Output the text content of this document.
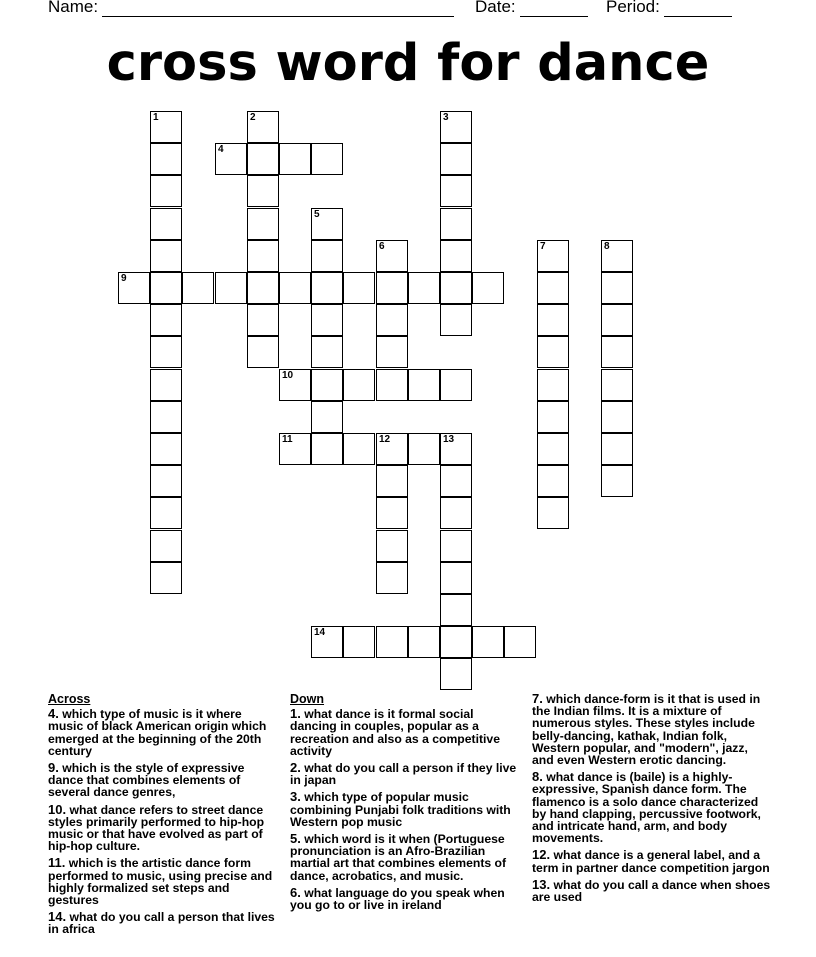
Name:	Date:	Period:
cross word for dance
1	2	3
4
5
6	7	8
9
10
11	12	13
14
Across
4. which type of music is it where music of black American origin which emerged at the beginning of the 20th century
9. which is the style of expressive dance that combines elements of several dance genres,
10. what dance refers to street dance styles primarily performed to hip-hop music or that have evolved as part of hip-hop culture.
11. which is the artistic dance form performed to music, using precise and highly formalized set steps and gestures
14. what do you call a person that lives in africa
Down
1. what dance is it formal social dancing in couples, popular as a recreation and also as a competitive activity
2. what do you call a person if they live in japan
3. which type of popular music combining Punjabi folk traditions with Western pop music
5. which word is it when (Portuguese pronunciation is an Afro-Brazilian martial art that combines elements of dance, acrobatics, and music.
6. what language do you speak when you go to or live in ireland
7. which dance-form is it that is used in the Indian films. It is a mixture of numerous styles. These styles include belly-dancing, kathak, Indian folk, Western popular, and "modern", jazz, and even Western erotic dancing.
8. what dance is (baile) is a highly-expressive, Spanish dance form. The flamenco is a solo dance characterized by hand clapping, percussive footwork, and intricate hand, arm, and body movements.
12. what dance is a general label, and a term in partner dance competition jargon
13. what do you call a dance when shoes are used
